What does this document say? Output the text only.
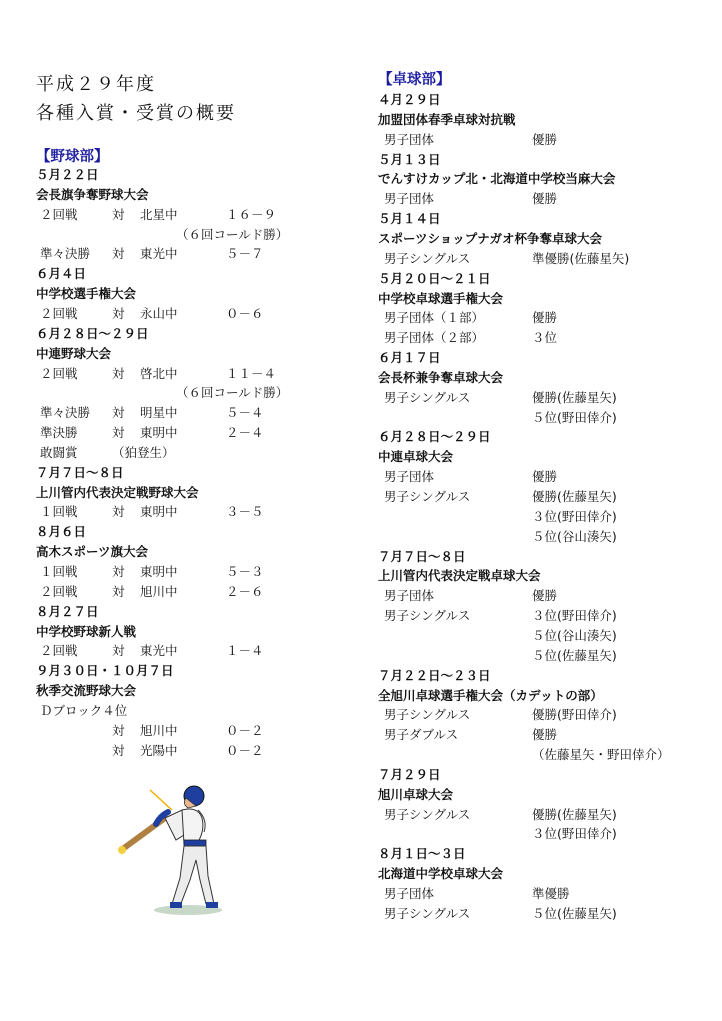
平成２９年度
各種入賞・受賞の概要
【野球部】
５月２２日
会長旗争奪野球大会
２回戦	対 北星中	１６－９
（６回コールド勝）
準々決勝 対 東光中	５－７
６月４日
中学校選手権大会
２回戦	対 永山中	０－６
６月２８日～２９日
中連野球大会
２回戦	対 啓北中	１１－４
（６回コールド勝）
準々決勝 対 明星中	５－４
準決勝	対 東明中	２－４
敢闘賞	（狛登生）
７月７日～８日
上川管内代表決定戦野球大会
１回戦	対 東明中	３－５
８月６日
高木スポーツ旗大会
１回戦	対 東明中	５－３
２回戦	対 旭川中	２－６
８月２７日
中学校野球新人戦
２回戦	対 東光中	１－４
９月３０日・１０月７日
秋季交流野球大会
Ｄブロック４位
対 旭川中	０－２
対 光陽中	０－２
【卓球部】
４月２９日
加盟団体春季卓球対抗戦
男子団体	優勝
５月１３日
でんすけカップ北・北海道中学校当麻大会
男子団体	優勝
５月１４日
スポーツショップナガオ杯争奪卓球大会
男子シングルス	準優勝(佐藤星矢)
５月２０日～２１日
中学校卓球選手権大会
男子団体（１部）	優勝
男子団体（２部）	３位
６月１７日
会長杯兼争奪卓球大会
男子シングルス	優勝(佐藤星矢)
５位(野田倖介)
６月２８日～２９日
中連卓球大会
男子団体	優勝
男子シングルス	優勝(佐藤星矢)
３位(野田倖介)
５位(谷山湊矢)
７月７日～８日
上川管内代表決定戦卓球大会
男子団体	優勝
男子シングルス	３位(野田倖介)
５位(谷山湊矢)
５位(佐藤星矢)
７月２２日～２３日
全旭川卓球選手権大会（カデットの部）
男子シングルス	優勝(野田倖介)
男子ダブルス	優勝
（佐藤星矢・野田倖介）
７月２９日
旭川卓球大会
男子シングルス	優勝(佐藤星矢)
３位(野田倖介)
８月１日～３日
北海道中学校卓球大会
男子団体	準優勝
男子シングルス	５位(佐藤星矢)
